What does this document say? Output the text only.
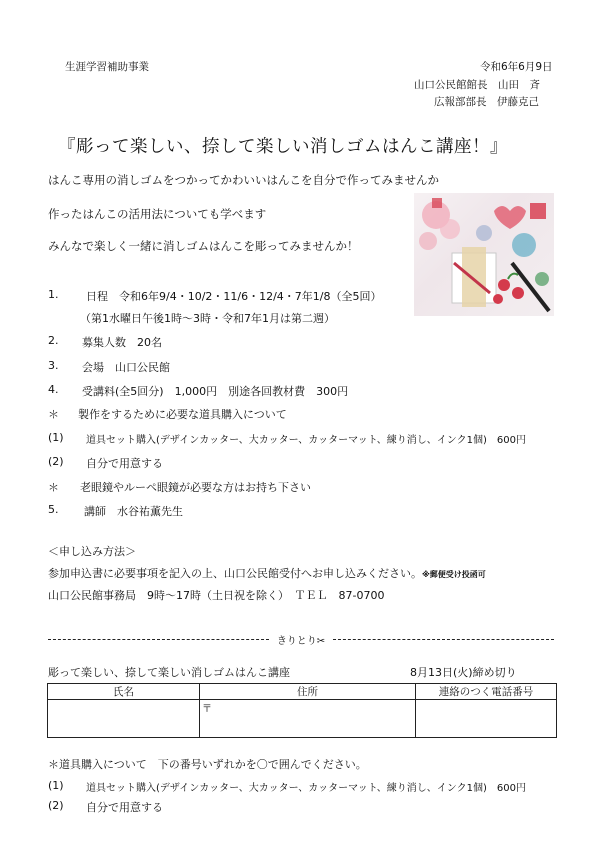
生涯学習補助事業	令和6年6月9日
山口公民館館長　山田　斉
広報部部長　伊藤克己
『彫って楽しい、捺して楽しい消しゴムはんこ講座！』
はんこ専用の消しゴムをつかってかわいいはんこを自分で作ってみませんか
作ったはんこの活用法についても学べます
みんなで楽しく一緒に消しゴムはんこを彫ってみませんか！
1.	日程　令和6年9/4・10/2・11/6・12/4・7年1/8（全5回）
（第1水曜日午後1時～3時・令和7年1月は第二週）
2. 募集人数　20名
3. 会場　山口公民館
4. 受講料(全5回分)　1,000円　別途各回教材費　300円
＊ 製作をするために必要な道具購入について
(1) 道具セット購入(デザインカッター、大カッター、カッターマット、練り消し、インク1個)　600円
(2) 自分で用意する
＊ 老眼鏡やルーペ眼鏡が必要な方はお持ち下さい
5. 講師　水谷祐薫先生
＜申し込み方法＞
参加申込書に必要事項を記入の上、山口公民館受付へお申し込みください。※郵便受け投函可
山口公民館事務局　9時～17時（土日祝を除く）　ＴＥＬ　87-0700
きりとり✂
彫って楽しい、捺して楽しい消しゴムはんこ講座	8月13日(火)締め切り
氏名	住所	連絡のつく電話番号
	〒	
＊道具購入について　下の番号いずれかを〇で囲んでください。
(1) 道具セット購入(デザインカッター、大カッター、カッターマット、練り消し、インク1個)　600円
(2) 自分で用意する
